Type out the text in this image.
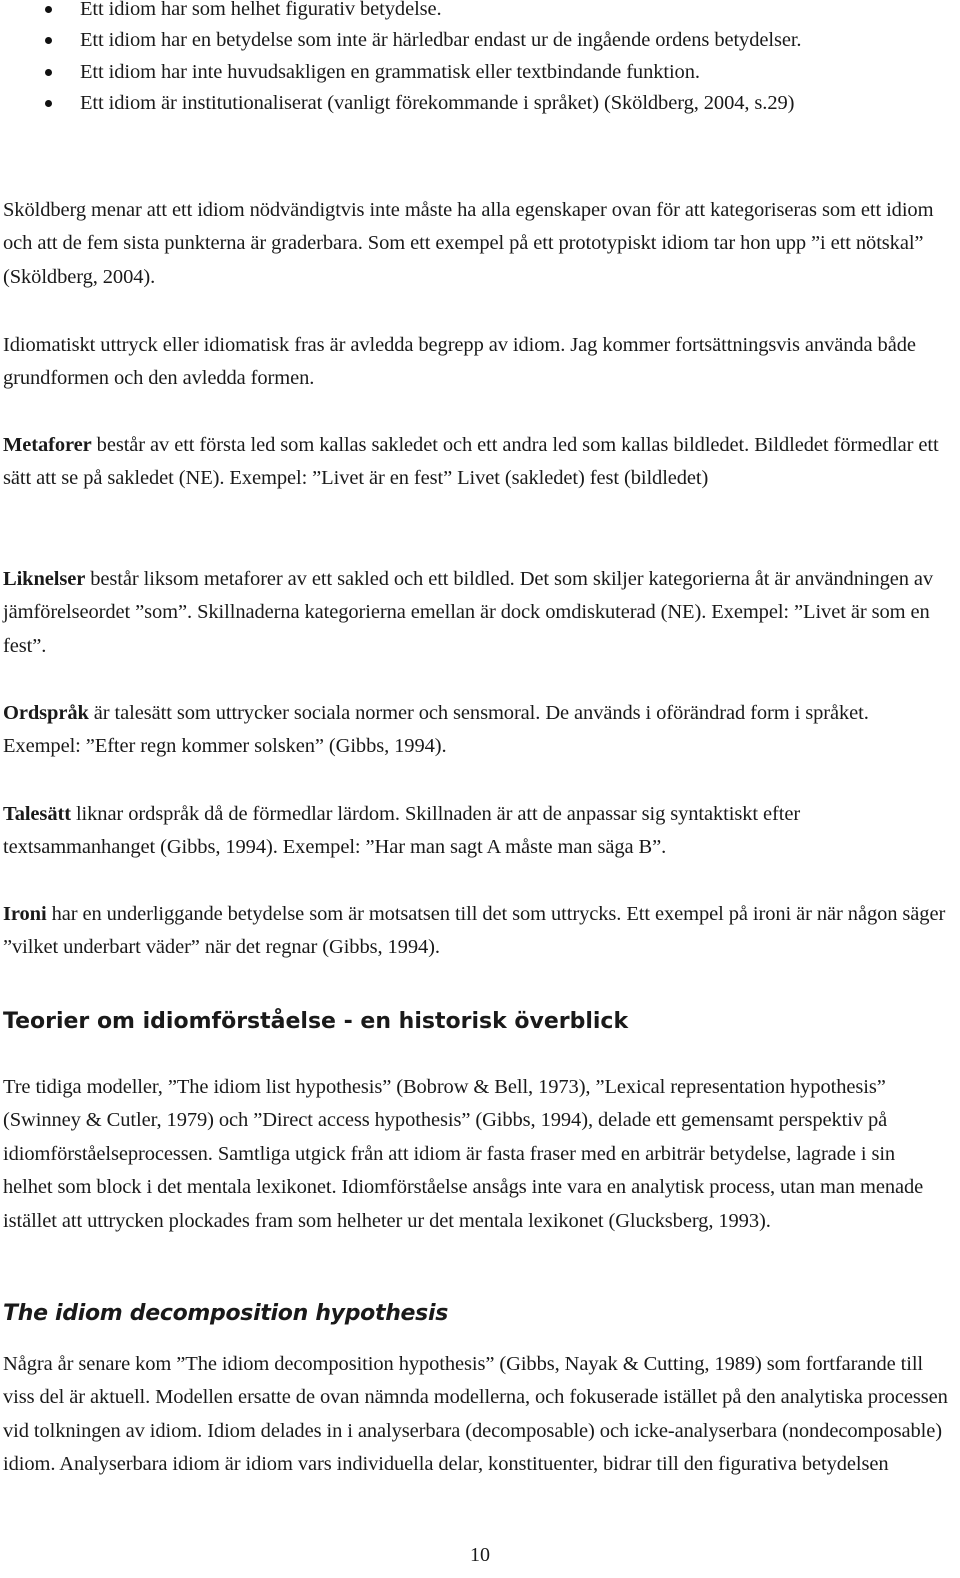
Ett idiom har som helhet figurativ betydelse.
Ett idiom har en betydelse som inte är härledbar endast ur de ingående ordens betydelser.
Ett idiom har inte huvudsakligen en grammatisk eller textbindande funktion.
Ett idiom är institutionaliserat (vanligt förekommande i språket) (Sköldberg, 2004, s.29)

Sköldberg menar att ett idiom nödvändigtvis inte måste ha alla egenskaper ovan för att kategoriseras som ett idiom och att de fem sista punkterna är graderbara. Som ett exempel på ett prototypiskt idiom tar hon upp ”i ett nötskal” (Sköldberg, 2004).

Idiomatiskt uttryck eller idiomatisk fras är avledda begrepp av idiom. Jag kommer fortsättningsvis använda både grundformen och den avledda formen.

Metaforer består av ett första led som kallas sakledet och ett andra led som kallas bildledet. Bildledet förmedlar ett sätt att se på sakledet (NE). Exempel: ”Livet är en fest” Livet (sakledet) fest (bildledet)

Liknelser består liksom metaforer av ett sakled och ett bildled. Det som skiljer kategorierna åt är användningen av jämförelseordet ”som”. Skillnaderna kategorierna emellan är dock omdiskuterad (NE). Exempel: ”Livet är som en fest”.

Ordspråk är talesätt som uttrycker sociala normer och sensmoral. De används i oförändrad form i språket. Exempel: ”Efter regn kommer solsken” (Gibbs, 1994).

Talesätt liknar ordspråk då de förmedlar lärdom. Skillnaden är att de anpassar sig syntaktiskt efter textsammanhanget (Gibbs, 1994). Exempel: ”Har man sagt A måste man säga B”.

Ironi har en underliggande betydelse som är motsatsen till det som uttrycks. Ett exempel på ironi är när någon säger ”vilket underbart väder” när det regnar (Gibbs, 1994).

Teorier om idiomförståelse - en historisk överblick

Tre tidiga modeller, ”The idiom list hypothesis” (Bobrow & Bell, 1973), ”Lexical representation hypothesis” (Swinney & Cutler, 1979) och ”Direct access hypothesis” (Gibbs, 1994), delade ett gemensamt perspektiv på idiomförståelseprocessen. Samtliga utgick från att idiom är fasta fraser med en arbiträr betydelse, lagrade i sin helhet som block i det mentala lexikonet. Idiomförståelse ansågs inte vara en analytisk process, utan man menade istället att uttrycken plockades fram som helheter ur det mentala lexikonet (Glucksberg, 1993).

The idiom decomposition hypothesis

Några år senare kom ”The idiom decomposition hypothesis” (Gibbs, Nayak & Cutting, 1989) som fortfarande till viss del är aktuell. Modellen ersatte de ovan nämnda modellerna, och fokuserade istället på den analytiska processen vid tolkningen av idiom. Idiom delades in i analyserbara (decomposable) och icke-analyserbara (nondecomposable) idiom. Analyserbara idiom är idiom vars individuella delar, konstituenter, bidrar till den figurativa betydelsen

10
